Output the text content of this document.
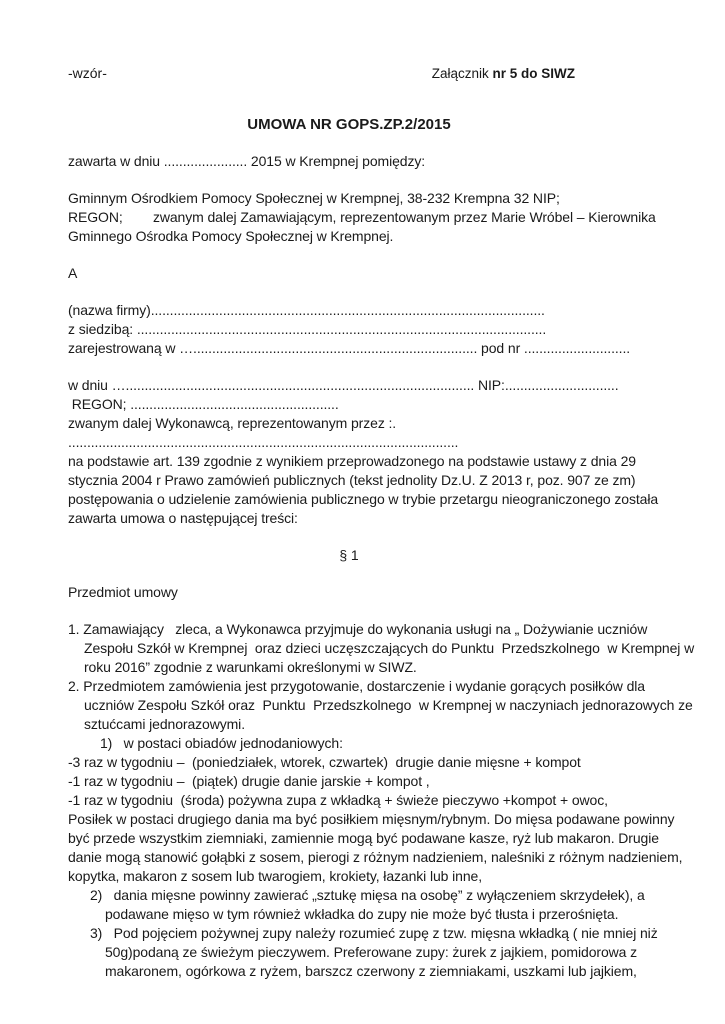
-wzór-	Załącznik nr 5 do SIWZ
UMOWA NR GOPS.ZP.2/2015
zawarta w dniu ...................... 2015 w Krempnej pomiędzy:
Gminnym Ośrodkiem Pomocy Społecznej w Krempnej, 38-232 Krempna 32 NIP;
REGON;        zwanym dalej Zamawiającym, reprezentowanym przez Marie Wróbel – Kierownika
Gminnego Ośrodka Pomocy Społecznej w Krempnej.
A
(nazwa firmy)........................................................................................................
z siedzibą: ............................................................................................................
zarejestrowaną w …........................................................................... pod nr ............................
w dniu …............................................................................................ NIP:..............................
REGON; .......................................................
zwanym dalej Wykonawcą, reprezentowanym przez :.
.......................................................................................................
na podstawie art. 139 zgodnie z wynikiem przeprowadzonego na podstawie ustawy z dnia 29
stycznia 2004 r Prawo zamówień publicznych (tekst jednolity Dz.U. Z 2013 r, poz. 907 ze zm)
postępowania o udzielenie zamówienia publicznego w trybie przetargu nieograniczonego została
zawarta umowa o następującej treści:
§ 1
Przedmiot umowy
1. Zamawiający   zleca, a Wykonawca przyjmuje do wykonania usługi na „ Dożywianie uczniów
Zespołu Szkół w Krempnej  oraz dzieci uczęszczających do Punktu  Przedszkolnego  w Krempnej w
roku 2016” zgodnie z warunkami określonymi w SIWZ.
2. Przedmiotem zamówienia jest przygotowanie, dostarczenie i wydanie gorących posiłków dla
uczniów Zespołu Szkół oraz  Punktu  Przedszkolnego  w Krempnej w naczyniach jednorazowych ze
sztućcami jednorazowymi.
1)   w postaci obiadów jednodaniowych:
-3 raz w tygodniu –  (poniedziałek, wtorek, czwartek)  drugie danie mięsne + kompot
-1 raz w tygodniu –  (piątek) drugie danie jarskie + kompot ,
-1 raz w tygodniu  (środa) pożywna zupa z wkładką + świeże pieczywo +kompot + owoc,
Posiłek w postaci drugiego dania ma być posiłkiem mięsnym/rybnym. Do mięsa podawane powinny
być przede wszystkim ziemniaki, zamiennie mogą być podawane kasze, ryż lub makaron. Drugie
danie mogą stanowić gołąbki z sosem, pierogi z różnym nadzieniem, naleśniki z różnym nadzieniem,
kopytka, makaron z sosem lub twarogiem, krokiety, łazanki lub inne,
2)   dania mięsne powinny zawierać „sztukę mięsa na osobę” z wyłączeniem skrzydełek), a
podawane mięso w tym również wkładka do zupy nie może być tłusta i przerośnięta.
3)   Pod pojęciem pożywnej zupy należy rozumieć zupę z tzw. mięsna wkładką ( nie mniej niż
50g)podaną ze świeżym pieczywem. Preferowane zupy: żurek z jajkiem, pomidorowa z
makaronem, ogórkowa z ryżem, barszcz czerwony z ziemniakami, uszkami lub jajkiem,
